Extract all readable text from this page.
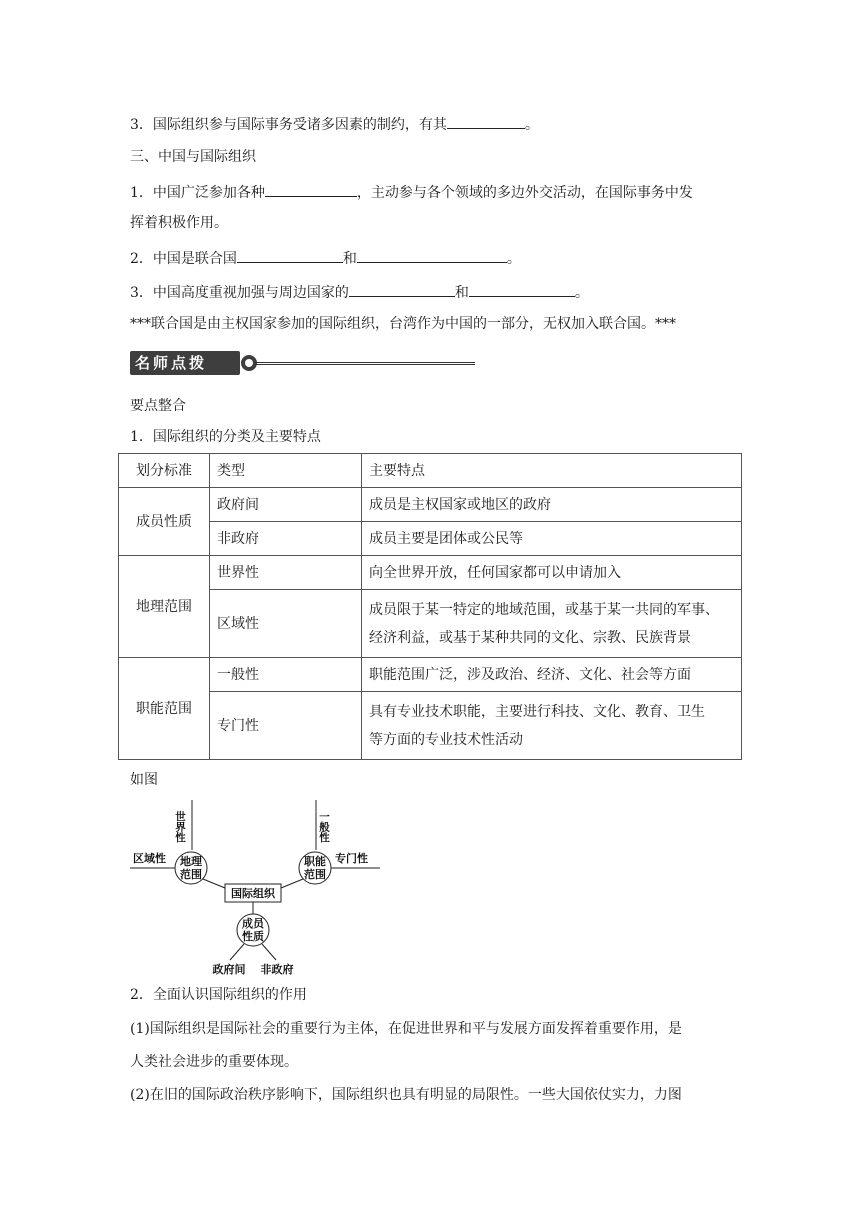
3．国际组织参与国际事务受诸多因素的制约，有其	。
三、中国与国际组织
1．中国广泛参加各种	，主动参与各个领域的多边外交活动，在国际事务中发
挥着积极作用。
2．中国是联合国	和	。
3．中国高度重视加强与周边国家的	和	。
***联合国是由主权国家参加的国际组织，台湾作为中国的一部分，无权加入联合国。***
名师点拨
要点整合
1．国际组织的分类及主要特点
划分标准	类型	主要特点
成员性质	政府间	成员是主权国家或地区的政府
	非政府	成员主要是团体或公民等
地理范围	世界性	向全世界开放，任何国家都可以申请加入
	区域性	成员限于某一特定的地域范围，或基于某一共同的军事、
经济利益，或基于某种共同的文化、宗教、民族背景

职能范围	一般性	职能范围广泛，涉及政治、经济、文化、社会等方面
	专门性	具有专业技术职能，主要进行科技、文化、教育、卫生
等方面的专业技术性活动
如图
世界性
区域性 地理
范围
一般性
专门性
职能
范围
国际组织
成员
性质
政府间 非政府
2．全面认识国际组织的作用
(1)国际组织是国际社会的重要行为主体，在促进世界和平与发展方面发挥着重要作用，是
人类社会进步的重要体现。
(2)在旧的国际政治秩序影响下，国际组织也具有明显的局限性。一些大国依仗实力，力图
